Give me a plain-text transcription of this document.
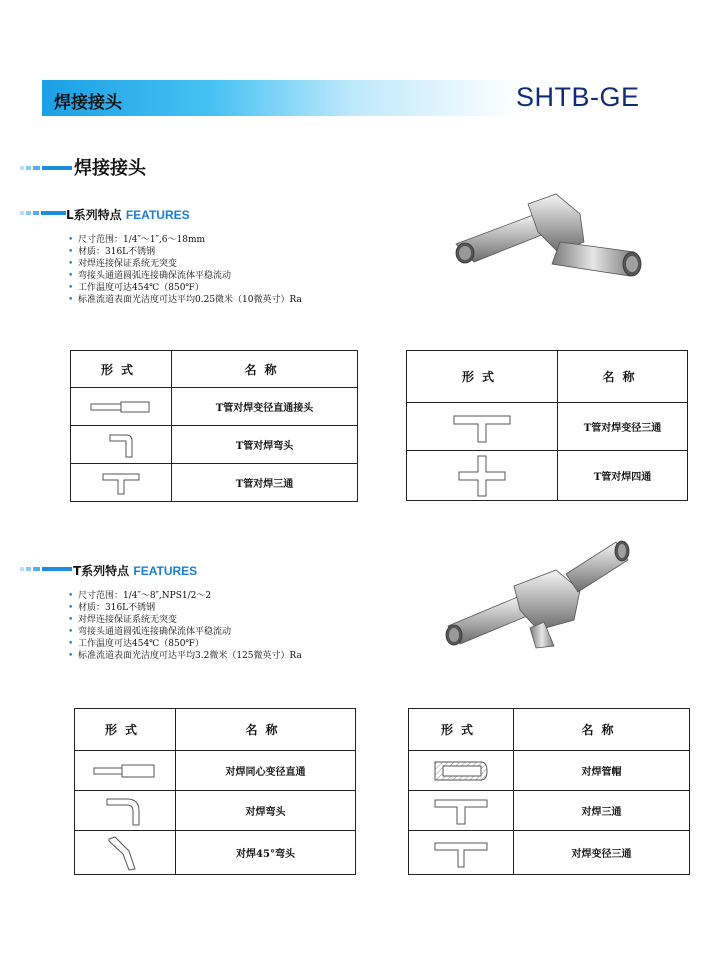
焊接接头	SHTB-GE
焊接接头
L系列特点 FEATURES
• 尺寸范围：1/4″～1″,6～18mm
• 材质：316L不锈钢
• 对焊连接保证系统无突变
• 弯接头通道圆弧连接确保流体平稳流动
• 工作温度可达454℃（850℉）
• 标准流道表面光洁度可达平均0.25微米（10微英寸）Ra
形式	名称

	T管对焊变径直通接头

	T管对焊弯头

	T管对焊三通
形式	名称

	T管对焊变径三通

	T管对焊四通
T系列特点 FEATURES
• 尺寸范围：1/4″～8″,NPS1/2～2
• 材质：316L不锈钢
• 对焊连接保证系统无突变
• 弯接头通道圆弧连接确保流体平稳流动
• 工作温度可达454℃（850℉）
• 标准流道表面光洁度可达平均3.2微米（125微英寸）Ra
形式	名称

	对焊同心变径直通

	对焊弯头

	对焊45°弯头
形式	名称

	对焊管帽

	对焊三通

	对焊变径三通
